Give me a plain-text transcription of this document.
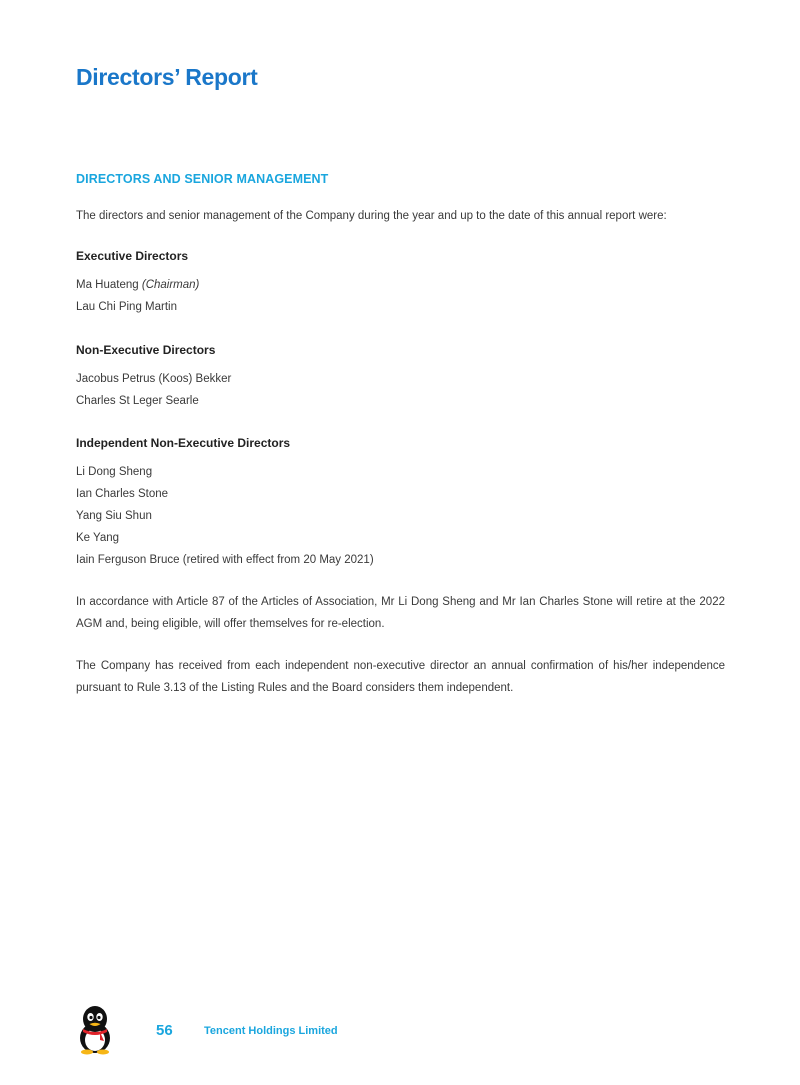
Directors’ Report
DIRECTORS AND SENIOR MANAGEMENT

The directors and senior management of the Company during the year and up to the date of this annual report were:

Executive Directors
Ma Huateng (Chairman)
Lau Chi Ping Martin
Non-Executive Directors
Jacobus Petrus (Koos) Bekker
Charles St Leger Searle
Independent Non-Executive Directors
Li Dong Sheng
Ian Charles Stone
Yang Siu Shun
Ke Yang
Iain Ferguson Bruce (retired with effect from 20 May 2021)

In accordance with Article 87 of the Articles of Association, Mr Li Dong Sheng and Mr Ian Charles Stone will retire at the 2022 AGM and, being eligible, will offer themselves for re-election.

The Company has received from each independent non-executive director an annual confirmation of his/her independence pursuant to Rule 3.13 of the Listing Rules and the Board considers them independent.

56	Tencent Holdings Limited
